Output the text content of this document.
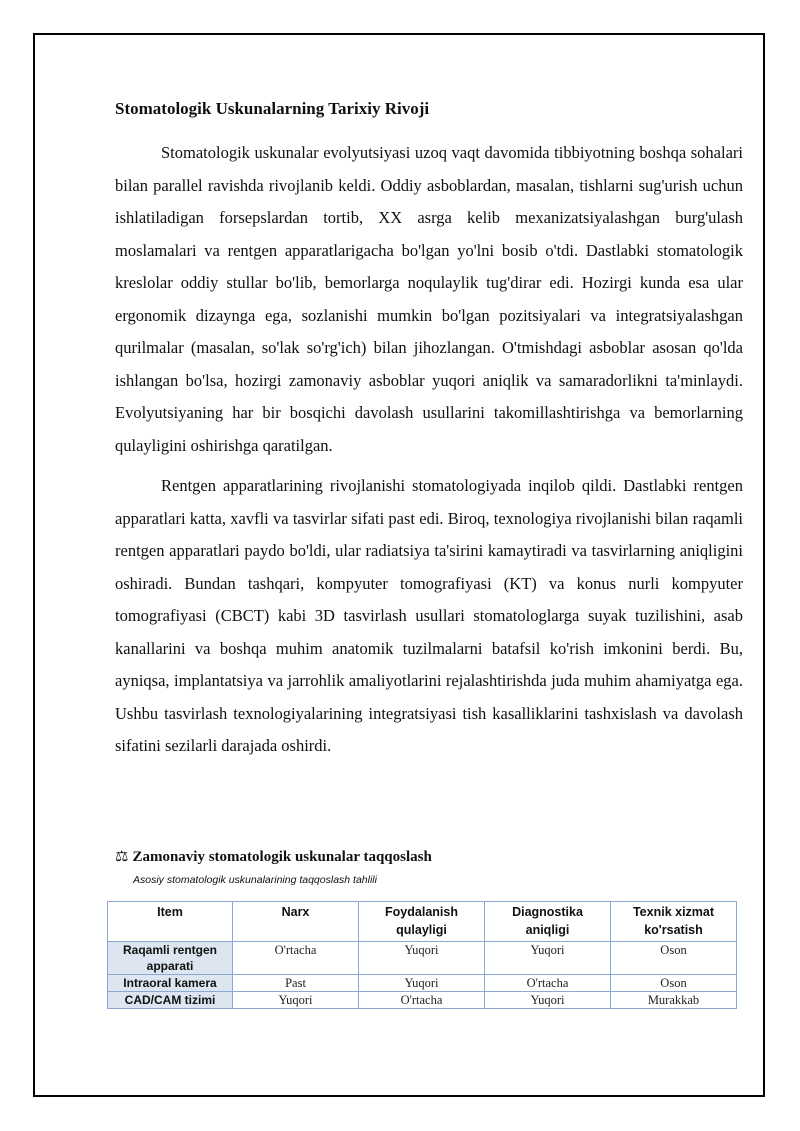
Stomatologik Uskunalarning Tarixiy Rivoji

Stomatologik uskunalar evolyutsiyasi uzoq vaqt davomida tibbiyotning boshqa sohalari bilan parallel ravishda rivojlanib keldi. Oddiy asboblardan, masalan, tishlarni sug'urish uchun ishlatiladigan forsepslardan tortib, XX asrga kelib mexanizatsiyalashgan burg'ulash moslamalari va rentgen apparatlarigacha bo'lgan yo'lni bosib o'tdi. Dastlabki stomatologik kreslolar oddiy stullar bo'lib, bemorlarga noqulaylik tug'dirar edi. Hozirgi kunda esa ular ergonomik dizaynga ega, sozlanishi mumkin bo'lgan pozitsiyalari va integratsiyalashgan qurilmalar (masalan, so'lak so'rg'ich) bilan jihozlangan. O'tmishdagi asboblar asosan qo'lda ishlangan bo'lsa, hozirgi zamonaviy asboblar yuqori aniqlik va samaradorlikni ta'minlaydi. Evolyutsiyaning har bir bosqichi davolash usullarini takomillashtirishga va bemorlarning qulayligini oshirishga qaratilgan.

Rentgen apparatlarining rivojlanishi stomatologiyada inqilob qildi. Dastlabki rentgen apparatlari katta, xavfli va tasvirlar sifati past edi. Biroq, texnologiya rivojlanishi bilan raqamli rentgen apparatlari paydo bo'ldi, ular radiatsiya ta'sirini kamaytiradi va tasvirlarning aniqligini oshiradi. Bundan tashqari, kompyuter tomografiyasi (KT) va konus nurli kompyuter tomografiyasi (CBCT) kabi 3D tasvirlash usullari stomatologlarga suyak tuzilishini, asab kanallarini va boshqa muhim anatomik tuzilmalarni batafsil ko'rish imkonini berdi. Bu, ayniqsa, implantatsiya va jarrohlik amaliyotlarini rejalashtirishda juda muhim ahamiyatga ega. Ushbu tasvirlash texnologiyalarining integratsiyasi tish kasalliklarini tashxislash va davolash sifatini sezilarli darajada oshirdi.

⚖ Zamonaviy stomatologik uskunalar taqqoslash
Asosiy stomatologik uskunalarining taqqoslash tahlili
Item	Narx	Foydalanish qulayligi	Diagnostika aniqligi	Texnik xizmat ko'rsatish
Raqamli rentgen apparati	O'rtacha	Yuqori	Yuqori	Oson
Intraoral kamera	Past	Yuqori	O'rtacha	Oson
CAD/CAM tizimi	Yuqori	O'rtacha	Yuqori	Murakkab
